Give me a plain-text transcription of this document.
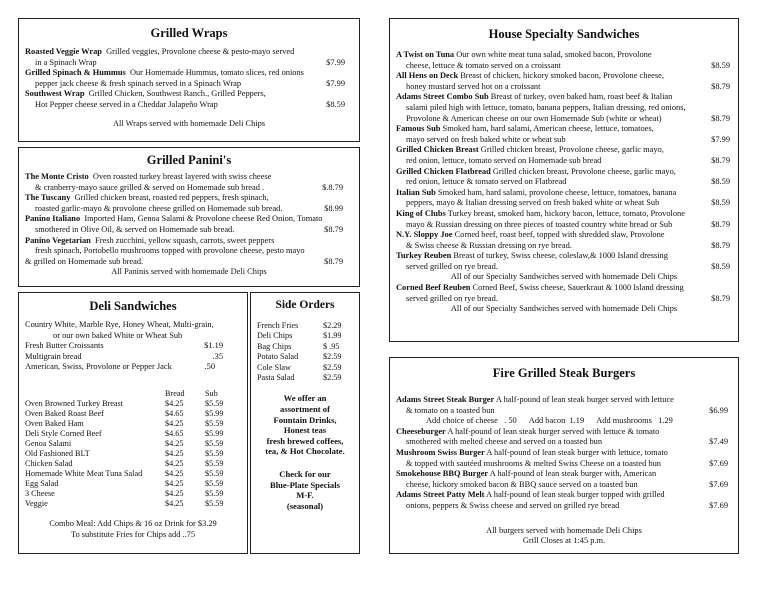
Grilled Wraps

Roasted Veggie Wrap Grilled veggies, Provolone cheese & pesto-mayo served
in a Spinach Wrap	$7.99
Grilled Spinach & Hummus Our Homemade Hummus, tomato slices, red onions
pepper jack cheese & fresh spinach served in a Spinach Wrap	$7.99
Southwest Wrap Grilled Chicken, Southwest Ranch., Grilled Peppers,
Hot Pepper cheese served in a Cheddar Jalapeño Wrap	$8.59
All Wraps served with homemade Deli Chips

Grilled Panini's

The Monte Cristo Oven roasted turkey breast layered with swiss cheese
& cranberry-mayo sauce grilled & served on Homemade sub bread .	$.8.79
The Tuscany Grilled chicken breast, roasted red peppers, fresh spinach,
roasted garlic-mayo & provolone cheese grilled on Homemade sub bread.	$8.99
Panino Italiano Imported Ham, Genoa Salami & Provolone cheese Red Onion, Tomato
smothered in Olive Oil, & served on Homemade sub bread.	$8.79
Panino Vegetarian Fresh zucchini, yellow squash, carrots, sweet peppers
fresh spinach, Portobello mushrooms topped with provolone cheese, pesto mayo
& grilled on Homemade sub bread.	$8.79
All Paninis served with homemade Deli Chips

Deli Sandwiches

Country White, Marble Rye, Honey Wheat, Multi-grain,
or our own baked White or Wheat Sub
Fresh Butter Croissants	$1.19
Multigrain bread	.35
American, Swiss, Provolone or Pepper Jack	.50
Bread	Sub
Oven Browned Turkey Breast	$4.25	$5.59
Oven Baked Roast Beef	$4.65	$5.99
Oven Baked Ham	$4.25	$5.59
Deli Style Corned Beef	$4.65	$5.99
Genoa Salami	$4.25	$5.59
Old Fashioned BLT	$4.25	$5.59
Chicken Salad	$4.25	$5.59
Homemade White Meat Tuna Salad	$4.25	$5.59
Egg Salad	$4.25	$5.59
3 Cheese	$4.25	$5.59
Veggie	$4.25	$5.59
Combo Meal: Add Chips & 16 oz Drink for $3.29
To substitute Fries for Chips add ..75

Side Orders

French Fries	$2.29
Deli Chips	$1.99
Bag Chips	$ .95
Potato Salad	$2.59
Cole Slaw	$2.59
Pasta Salad	$2.59
We offer an
assortment of
Fountain Drinks,
Honest teas
fresh brewed coffees,
tea, & Hot Chocolate.
Check for our
Blue-Plate Specials
M-F.
(seasonal)

House Specialty Sandwiches

A Twist on Tuna Our own white meat tuna salad, smoked bacon, Provolone
cheese, lettuce & tomato served on a croissant	$8.59
All Hens on Deck Breast of chicken, hickory smoked bacon, Provolone cheese,
honey mustard served hot on a croissant	$8.79
Adams Street Combo Sub Breast of turkey, oven baked ham, roast beef & Italian
salami piled high with lettuce, tomato, banana peppers, Italian dressing, red onions,
Provolone & American cheese on our own Homemade Sub (white or wheat)	$8.79
Famous Sub Smoked ham, hard salami, American cheese, lettuce, tomatoes,
mayo served on fresh baked white or wheat sub	$7.99
Grilled Chicken Breast Grilled chicken breast, Provolone cheese, garlic mayo,
red onion, lettuce, tomato served on Homemade sub bread	$8.79
Grilled Chicken Flatbread Grilled chicken breast, Provolone cheese, garlic mayo,
red onion, lettuce & tomato served on Flatbread	$8.59
Italian Sub Smoked ham, hard salami, provolone cheese, lettuce, tomatoes, banana
peppers, mayo & Italian dressing served on fresh baked white or wheat Sub	$8.59
King of Clubs Turkey breast, smoked ham, hickory bacon, lettuce, tomato, Provolone
mayo & Russian dressing on three pieces of toasted country white bread or Sub	$8.79
N.Y. Sloppy Joe Corned beef, roast beef, topped with shredded slaw, Provolone
& Swiss cheese & Russian dressing on rye bread.	$8.79
Turkey Reuben Breast of turkey, Swiss cheese, coleslaw,& 1000 Island dressing
served grilled on rye bread.	$8.59
All of our Specialty Sandwiches served with homemade Deli Chips
Corned Beef Reuben Corned Beef, Swiss cheese, Sauerkraut & 1000 Island dressing
served grilled on rye bread.	$8.79
All of our Specialty Sandwiches served with homemade Deli Chips

Fire Grilled Steak Burgers

Adams Street Steak Burger A half-pound of lean steak burger served with lettuce
& tomato on a toasted bun	$6.99
Add choice of cheese   . 50      Add bacon  1.19      Add mushrooms   1.29
Cheeseburger A half-pound of lean steak burger served with lettuce & tomato
smothered with melted cheese and served on a toasted bun	$7.49
Mushroom Swiss Burger A half-pound of lean steak burger with lettuce, tomato
& topped with sautéed mushrooms & melted Swiss Cheese on a toasted bun	$7.69
Smokehouse BBQ Burger A half-pound of lean steak burger with, American
cheese, hickory smoked bacon & BBQ sauce served on a toasted bun	$7.69
Adams Street Patty Melt A half-pound of lean steak burger topped with grilled
onions, peppers & Swiss cheese and served on grilled rye bread	$7.69
All burgers served with homemade Deli Chips
Grill Closes at 1:45 p.m.
